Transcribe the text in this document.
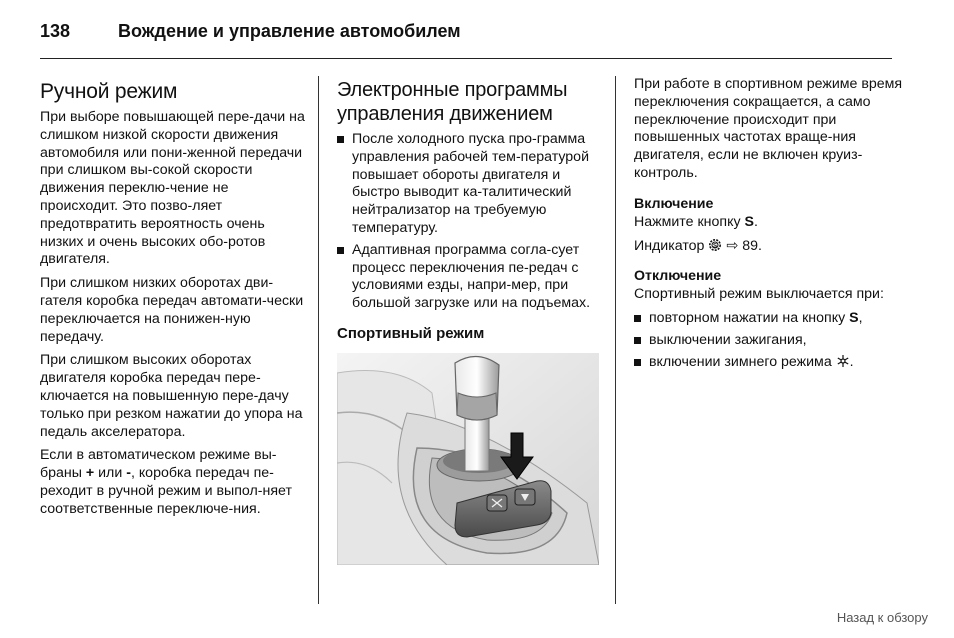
138	Вождение и управление автомобилем
Ручной режим

При выборе повышающей пере-дачи на слишком низкой скорости движения автомобиля или пони-женной передачи при слишком вы-сокой скорости движения переклю-чение не происходит. Это позво-ляет предотвратить вероятность очень низких и очень высоких обо-ротов двигателя.

При слишком низких оборотах дви-гателя коробка передач автомати-чески переключается на понижен-ную передачу.

При слишком высоких оборотах двигателя коробка передач пере-ключается на повышенную пере-дачу только при резком нажатии до упора на педаль акселератора.

Если в автоматическом режиме вы-браны + или -, коробка передач пе-реходит в ручной режим и выпол-няет соответственные переключе-ния.

Электронные программы управления движением
После холодного пуска про-грамма управления рабочей тем-пературой повышает обороты двигателя и быстро выводит ка-талитический нейтрализатор на требуемую температуру.
Адаптивная программа согла-сует процесс переключения пе-редач с условиями езды, напри-мер, при большой загрузке или на подъемах.
Спортивный режим

При работе в спортивном режиме время переключения сокращается, а само переключение происходит при повышенных частотах враще-ния двигателя, если не включен круиз-контроль.

Включение

Нажмите кнопку S.

Индикатор S ⇨ 89.

Отключение

Спортивный режим выключается при:

повторном нажатии на кнопку S,
выключении зажигания,
включении зимнего режима .
Назад к обзору
